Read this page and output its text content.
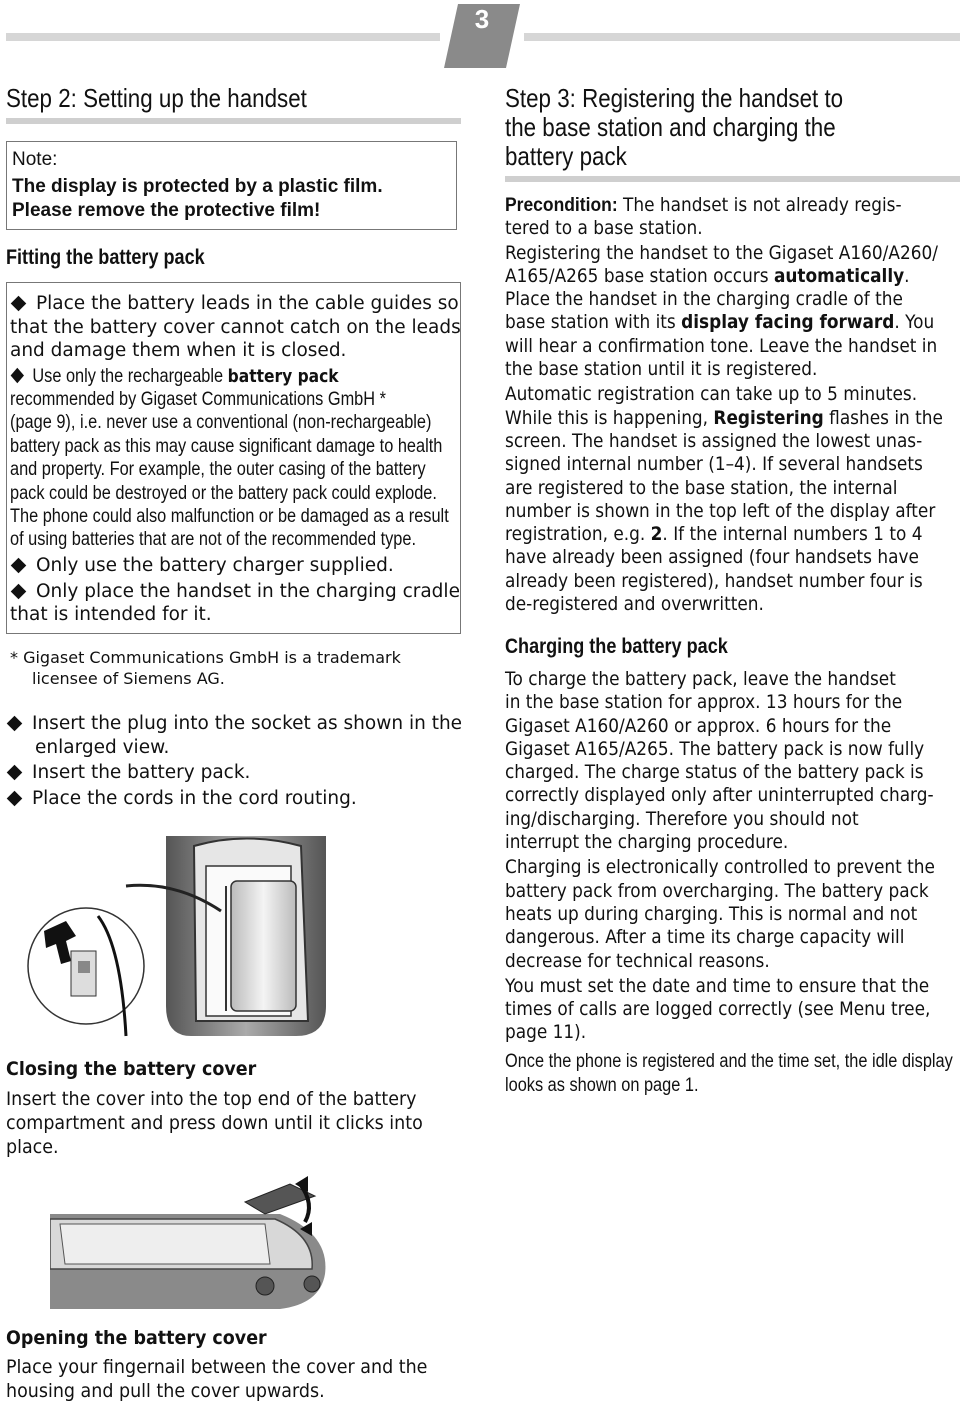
3
Step 2: Setting up the handset
Note:
The display is protected by a plastic film.
Please remove the protective film!
Fitting the battery pack
Place the battery leads in the cable guides so
that the battery cover cannot catch on the leads
and damage them when it is closed.
Use only the rechargeable battery pack
recommended by Gigaset Communications GmbH *
(page 9), i.e. never use a conventional (non-rechargeable)
battery pack as this may cause significant damage to health
and property. For example, the outer casing of the battery
pack could be destroyed or the battery pack could explode.
The phone could also malfunction or be damaged as a result
of using batteries that are not of the recommended type.
Only use the battery charger supplied.
Only place the handset in the charging cradle
that is intended for it.
* Gigaset Communications GmbH is a trademark
licensee of Siemens AG.
Insert the plug into the socket as shown in the
enlarged view.
Insert the battery pack.
Place the cords in the cord routing.
Closing the battery cover
Insert the cover into the top end of the battery
compartment and press down until it clicks into
place.
Opening the battery cover
Place your fingernail between the cover and the
housing and pull the cover upwards.
Step 3: Registering the handset to
the base station and charging the
battery pack
Precondition: The handset is not already regis-
tered to a base station.
Registering the handset to the Gigaset A160/A260/
A165/A265 base station occurs automatically.
Place the handset in the charging cradle of the
base station with its display facing forward. You
will hear a confirmation tone. Leave the handset in
the base station until it is registered.
Automatic registration can take up to 5 minutes.
While this is happening, Registering flashes in the
screen. The handset is assigned the lowest unas-
signed internal number (1–4). If several handsets
are registered to the base station, the internal
number is shown in the top left of the display after
registration, e.g. 2. If the internal numbers 1 to 4
have already been assigned (four handsets have
already been registered), handset number four is
de-registered and overwritten.
Charging the battery pack
To charge the battery pack, leave the handset
in the base station for approx. 13 hours for the
Gigaset A160/A260 or approx. 6 hours for the
Gigaset A165/A265. The battery pack is now fully
charged. The charge status of the battery pack is
correctly displayed only after uninterrupted charg-
ing/discharging. Therefore you should not
interrupt the charging procedure.
Charging is electronically controlled to prevent the
battery pack from overcharging. The battery pack
heats up during charging. This is normal and not
dangerous. After a time its charge capacity will
decrease for technical reasons.
You must set the date and time to ensure that the
times of calls are logged correctly (see Menu tree,
page 11).
Once the phone is registered and the time set, the idle display
looks as shown on page 1.
